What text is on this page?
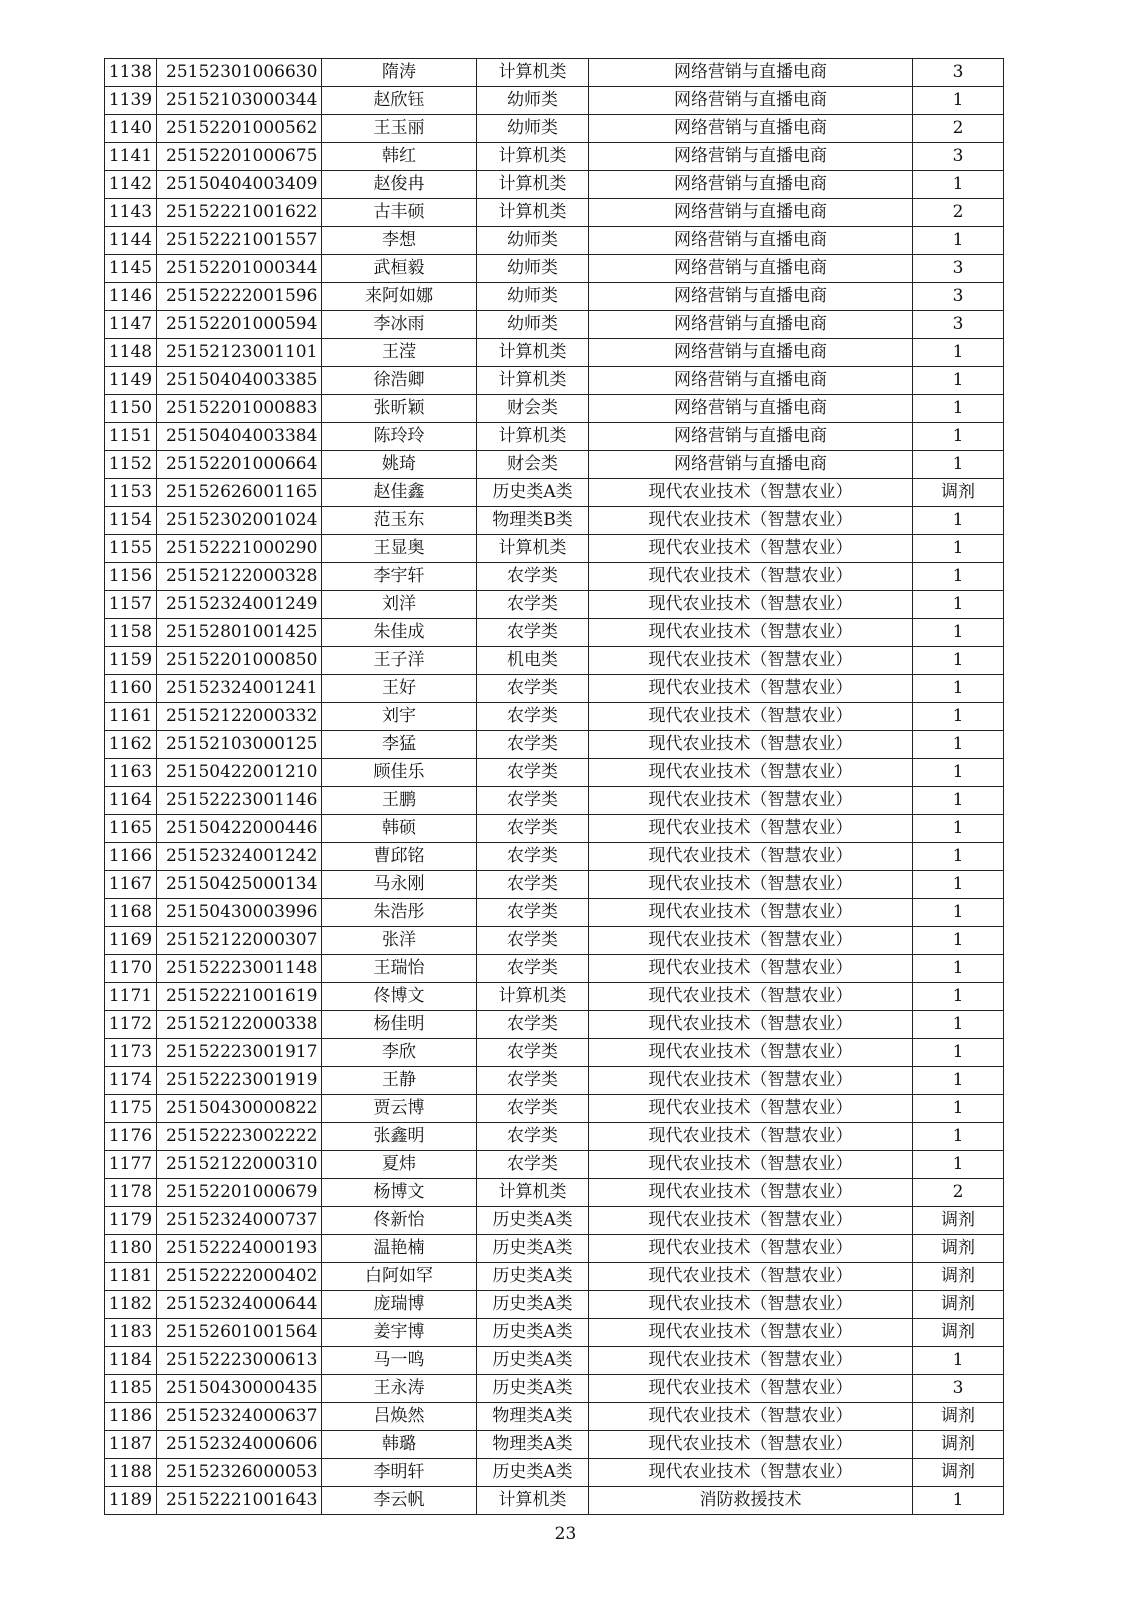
1138	25152301006630	隋涛	计算机类	网络营销与直播电商	3
1139	25152103000344	赵欣钰	幼师类	网络营销与直播电商	1
1140	25152201000562	王玉丽	幼师类	网络营销与直播电商	2
1141	25152201000675	韩红	计算机类	网络营销与直播电商	3
1142	25150404003409	赵俊冉	计算机类	网络营销与直播电商	1
1143	25152221001622	古丰硕	计算机类	网络营销与直播电商	2
1144	25152221001557	李想	幼师类	网络营销与直播电商	1
1145	25152201000344	武桓毅	幼师类	网络营销与直播电商	3
1146	25152222001596	来阿如娜	幼师类	网络营销与直播电商	3
1147	25152201000594	李冰雨	幼师类	网络营销与直播电商	3
1148	25152123001101	王滢	计算机类	网络营销与直播电商	1
1149	25150404003385	徐浩卿	计算机类	网络营销与直播电商	1
1150	25152201000883	张昕颖	财会类	网络营销与直播电商	1
1151	25150404003384	陈玲玲	计算机类	网络营销与直播电商	1
1152	25152201000664	姚琦	财会类	网络营销与直播电商	1
1153	25152626001165	赵佳鑫	历史类A类	现代农业技术（智慧农业）	调剂
1154	25152302001024	范玉东	物理类B类	现代农业技术（智慧农业）	1
1155	25152221000290	王显奥	计算机类	现代农业技术（智慧农业）	1
1156	25152122000328	李宇轩	农学类	现代农业技术（智慧农业）	1
1157	25152324001249	刘洋	农学类	现代农业技术（智慧农业）	1
1158	25152801001425	朱佳成	农学类	现代农业技术（智慧农业）	1
1159	25152201000850	王子洋	机电类	现代农业技术（智慧农业）	1
1160	25152324001241	王好	农学类	现代农业技术（智慧农业）	1
1161	25152122000332	刘宇	农学类	现代农业技术（智慧农业）	1
1162	25152103000125	李猛	农学类	现代农业技术（智慧农业）	1
1163	25150422001210	顾佳乐	农学类	现代农业技术（智慧农业）	1
1164	25152223001146	王鹏	农学类	现代农业技术（智慧农业）	1
1165	25150422000446	韩硕	农学类	现代农业技术（智慧农业）	1
1166	25152324001242	曹邱铭	农学类	现代农业技术（智慧农业）	1
1167	25150425000134	马永刚	农学类	现代农业技术（智慧农业）	1
1168	25150430003996	朱浩彤	农学类	现代农业技术（智慧农业）	1
1169	25152122000307	张洋	农学类	现代农业技术（智慧农业）	1
1170	25152223001148	王瑞怡	农学类	现代农业技术（智慧农业）	1
1171	25152221001619	佟博文	计算机类	现代农业技术（智慧农业）	1
1172	25152122000338	杨佳明	农学类	现代农业技术（智慧农业）	1
1173	25152223001917	李欣	农学类	现代农业技术（智慧农业）	1
1174	25152223001919	王静	农学类	现代农业技术（智慧农业）	1
1175	25150430000822	贾云博	农学类	现代农业技术（智慧农业）	1
1176	25152223002222	张鑫明	农学类	现代农业技术（智慧农业）	1
1177	25152122000310	夏炜	农学类	现代农业技术（智慧农业）	1
1178	25152201000679	杨博文	计算机类	现代农业技术（智慧农业）	2
1179	25152324000737	佟新怡	历史类A类	现代农业技术（智慧农业）	调剂
1180	25152224000193	温艳楠	历史类A类	现代农业技术（智慧农业）	调剂
1181	25152222000402	白阿如罕	历史类A类	现代农业技术（智慧农业）	调剂
1182	25152324000644	庞瑞博	历史类A类	现代农业技术（智慧农业）	调剂
1183	25152601001564	姜宇博	历史类A类	现代农业技术（智慧农业）	调剂
1184	25152223000613	马一鸣	历史类A类	现代农业技术（智慧农业）	1
1185	25150430000435	王永涛	历史类A类	现代农业技术（智慧农业）	3
1186	25152324000637	吕焕然	物理类A类	现代农业技术（智慧农业）	调剂
1187	25152324000606	韩璐	物理类A类	现代农业技术（智慧农业）	调剂
1188	25152326000053	李明轩	历史类A类	现代农业技术（智慧农业）	调剂
1189	25152221001643	李云帆	计算机类	消防救援技术	1
23
